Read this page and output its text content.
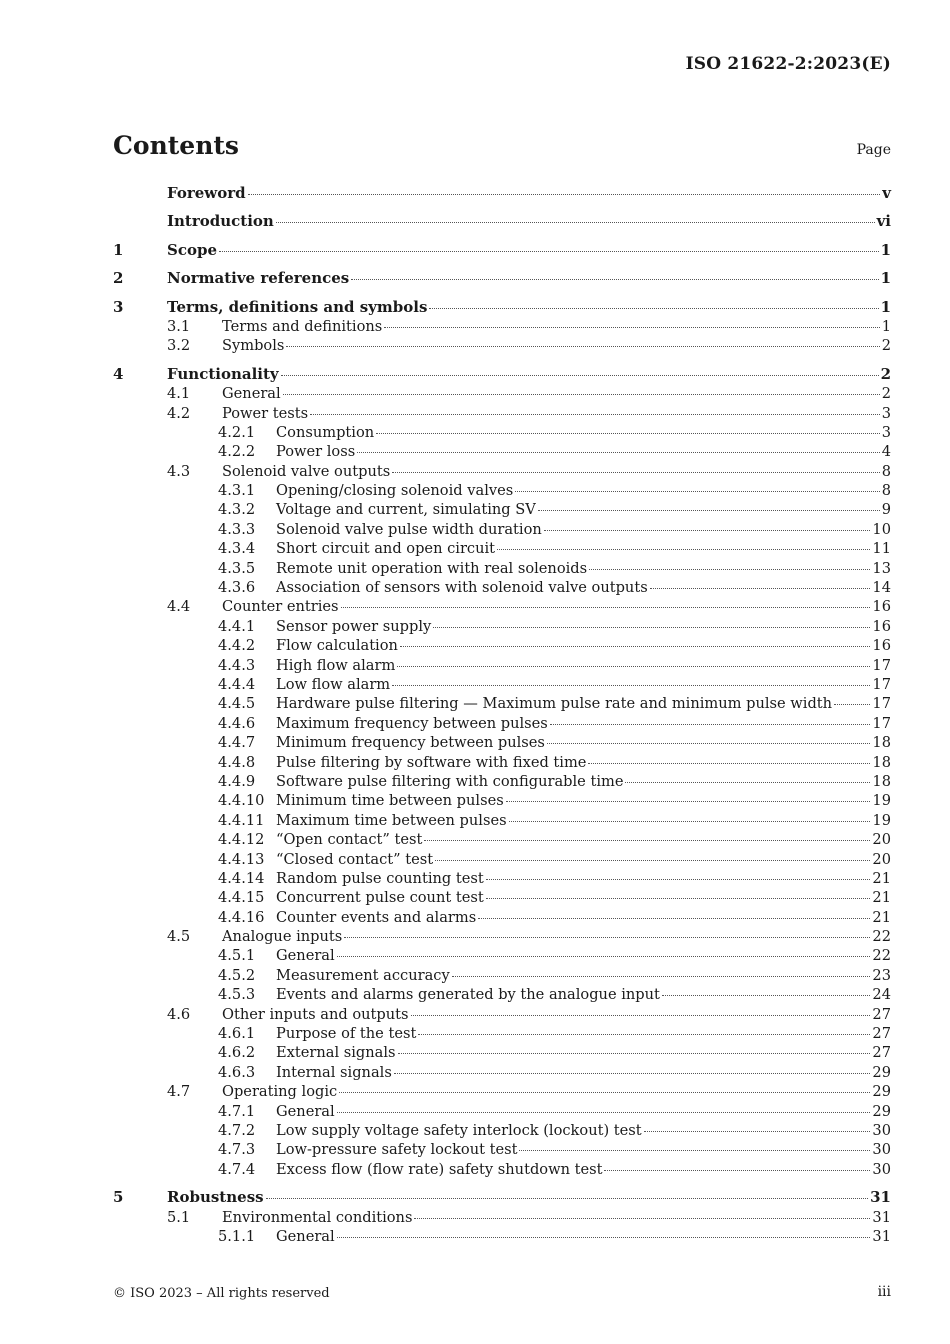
ISO 21622-2:2023(E)
Contents	Page
Foreword	v
Introduction	vi
1	Scope	1
2	Normative references	1
3	Terms, definitions and symbols	1
3.1	Terms and definitions	1
3.2	Symbols	2
4	Functionality	2
4.1	General	2
4.2	Power tests	3
4.2.1	Consumption	3
4.2.2	Power loss	4
4.3	Solenoid valve outputs	8
4.3.1	Opening/closing solenoid valves	8
4.3.2	Voltage and current, simulating SV	9
4.3.3	Solenoid valve pulse width duration	10
4.3.4	Short circuit and open circuit	11
4.3.5	Remote unit operation with real solenoids	13
4.3.6	Association of sensors with solenoid valve outputs	14
4.4	Counter entries	16
4.4.1	Sensor power supply	16
4.4.2	Flow calculation	16
4.4.3	High flow alarm	17
4.4.4	Low flow alarm	17
4.4.5	Hardware pulse filtering — Maximum pulse rate and minimum pulse width	17
4.4.6	Maximum frequency between pulses	17
4.4.7	Minimum frequency between pulses	18
4.4.8	Pulse filtering by software with fixed time	18
4.4.9	Software pulse filtering with configurable time	18
4.4.10 Minimum time between pulses	19
4.4.11 Maximum time between pulses	19
4.4.12 “Open contact” test	20
4.4.13 “Closed contact” test	20
4.4.14 Random pulse counting test	21
4.4.15 Concurrent pulse count test	21
4.4.16 Counter events and alarms	21
4.5	Analogue inputs	22
4.5.1	General	22
4.5.2	Measurement accuracy	23
4.5.3	Events and alarms generated by the analogue input	24
4.6	Other inputs and outputs	27
4.6.1	Purpose of the test	27
4.6.2	External signals	27
4.6.3	Internal signals	29
4.7	Operating logic	29
4.7.1	General	29
4.7.2	Low supply voltage safety interlock (lockout) test	30
4.7.3	Low-pressure safety lockout test	30
4.7.4	Excess flow (flow rate) safety shutdown test	30
5	Robustness	31
5.1	Environmental conditions	31
5.1.1	General	31
© ISO 2023 – All rights reserved	iii
